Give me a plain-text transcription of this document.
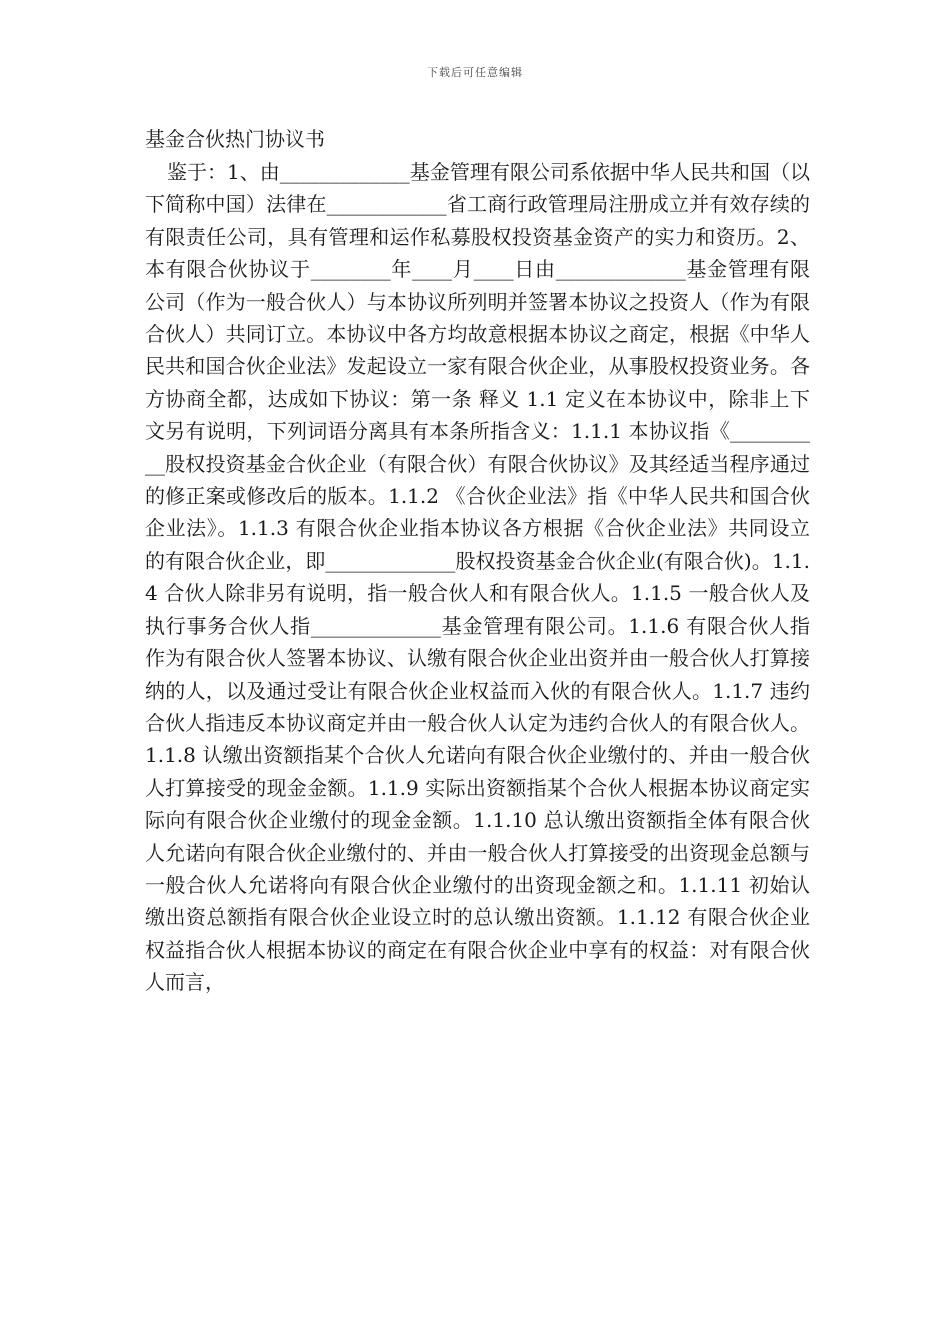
下载后可任意编辑
基金合伙热门协议书

鉴于：1、由_____________基金管理有限公司系依据中华人民共和国（以下简称中国）法律在____________省工商行政管理局注册成立并有效存续的有限责任公司，具有管理和运作私募股权投资基金资产的实力和资历。2、本有限合伙协议于________年____月____日由_____________基金管理有限公司（作为一般合伙人）与本协议所列明并签署本协议之投资人（作为有限合伙人）共同订立。本协议中各方均故意根据本协议之商定，根据《中华人民共和国合伙企业法》发起设立一家有限合伙企业，从事股权投资业务。各方协商全都，达成如下协议：第一条 释义 1.1 定义在本协议中，除非上下文另有说明，下列词语分离具有本条所指含义：1.1.1 本协议指《__________股权投资基金合伙企业（有限合伙）有限合伙协议》及其经适当程序通过的修正案或修改后的版本。1.1.2 《合伙企业法》指《中华人民共和国合伙企业法》。1.1.3 有限合伙企业指本协议各方根据《合伙企业法》共同设立的有限合伙企业，即_____________股权投资基金合伙企业(有限合伙)。1.1.4 合伙人除非另有说明，指一般合伙人和有限合伙人。1.1.5 一般合伙人及执行事务合伙人指_____________基金管理有限公司。1.1.6 有限合伙人指作为有限合伙人签署本协议、认缴有限合伙企业出资并由一般合伙人打算接纳的人，以及通过受让有限合伙企业权益而入伙的有限合伙人。1.1.7 违约合伙人指违反本协议商定并由一般合伙人认定为违约合伙人的有限合伙人。1.1.8 认缴出资额指某个合伙人允诺向有限合伙企业缴付的、并由一般合伙人打算接受的现金金额。1.1.9 实际出资额指某个合伙人根据本协议商定实际向有限合伙企业缴付的现金金额。1.1.10 总认缴出资额指全体有限合伙人允诺向有限合伙企业缴付的、并由一般合伙人打算接受的出资现金总额与一般合伙人允诺将向有限合伙企业缴付的出资现金额之和。1.1.11 初始认缴出资总额指有限合伙企业设立时的总认缴出资额。1.1.12 有限合伙企业权益指合伙人根据本协议的商定在有限合伙企业中享有的权益：对有限合伙人而言，
